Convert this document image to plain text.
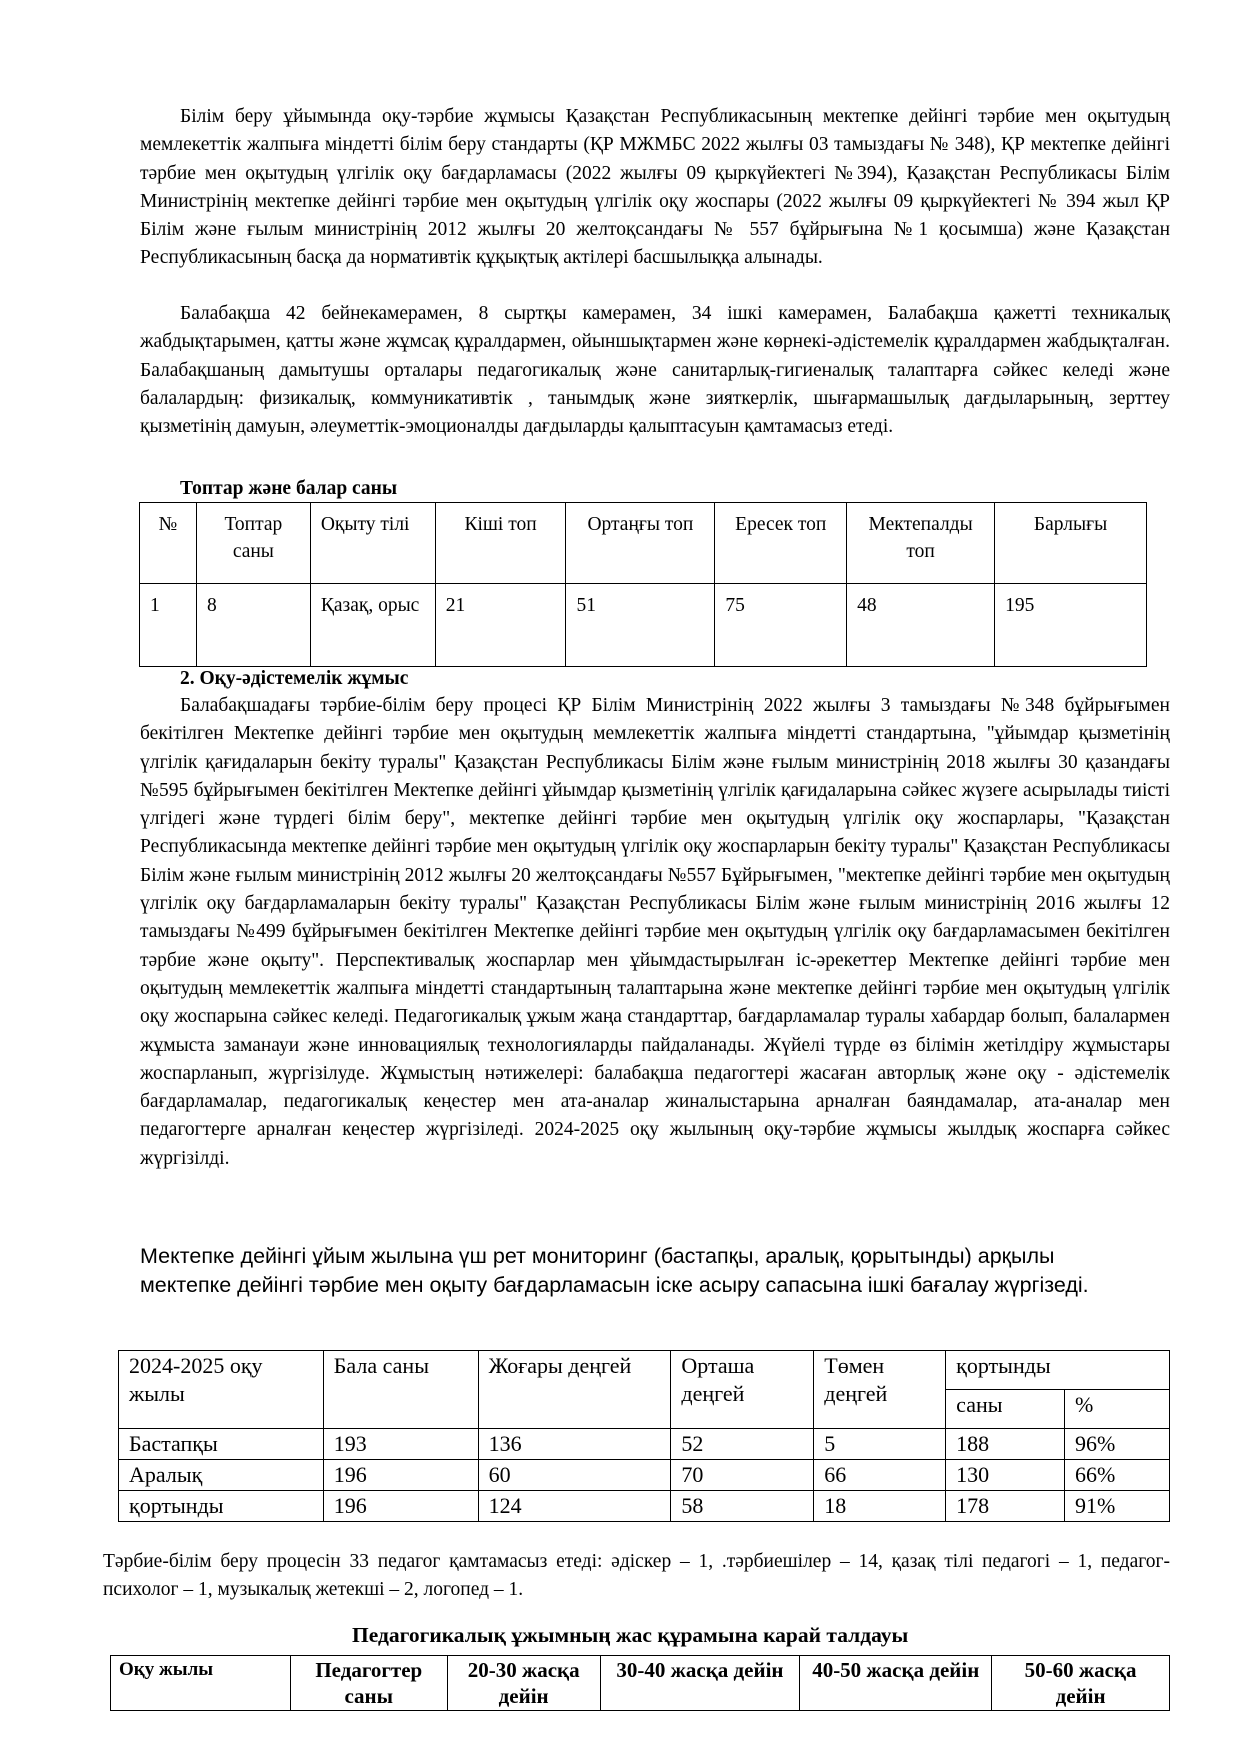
Білім беру ұйымында оқу-тәрбие жұмысы Қазақстан Республикасының мектепке дейінгі тәрбие мен оқытудың мемлекеттік жалпыға міндетті білім беру стандарты (ҚР МЖМБС 2022 жылғы 03 тамыздағы № 348), ҚР мектепке дейінгі тәрбие мен оқытудың үлгілік оқу бағдарламасы (2022 жылғы 09 қыркүйектегі №394), Қазақстан Республикасы Білім Министрінің мектепке дейінгі тәрбие мен оқытудың үлгілік оқу жоспары (2022 жылғы 09 қыркүйектегі № 394 жыл ҚР Білім және ғылым министрінің 2012 жылғы 20 желтоқсандағы № 557 бұйрығына №1 қосымша) және Қазақстан Республикасының басқа да нормативтік құқықтық актілері басшылыққа алынады.

Балабақша 42 бейнекамерамен, 8 сыртқы камерамен, 34 ішкі камерамен, Балабақша қажетті техникалық жабдықтарымен, қатты және жұмсақ құралдармен, ойыншықтармен және көрнекі-әдістемелік құралдармен жабдықталған. Балабақшаның дамытушы орталары педагогикалық және санитарлық-гигиеналық талаптарға сәйкес келеді және балалардың: физикалық, коммуникативтік , танымдық және зияткерлік, шығармашылық дағдыларының, зерттеу қызметінің дамуын, әлеуметтік-эмоционалды дағдыларды қалыптасуын қамтамасыз етеді.

Топтар және балар саны

№	Топтар саны	Оқыту тілі	Кіші топ	Ортаңғы топ	Ересек топ	Мектепалды топ	Барлығы
1	8	Қазақ, орыс	21	51	75	48	195

2. Оқу-әдістемелік жұмыс

Балабақшадағы тәрбие-білім беру процесі ҚР Білім Министрінің 2022 жылғы 3 тамыздағы №348 бұйрығымен бекітілген Мектепке дейінгі тәрбие мен оқытудың мемлекеттік жалпыға міндетті стандартына, "ұйымдар қызметінің үлгілік қағидаларын бекіту туралы" Қазақстан Республикасы Білім және ғылым министрінің 2018 жылғы 30 қазандағы №595 бұйрығымен бекітілген Мектепке дейінгі ұйымдар қызметінің үлгілік қағидаларына сәйкес жүзеге асырылады тиісті үлгідегі және түрдегі білім беру", мектепке дейінгі тәрбие мен оқытудың үлгілік оқу жоспарлары, "Қазақстан Республикасында мектепке дейінгі тәрбие мен оқытудың үлгілік оқу жоспарларын бекіту туралы" Қазақстан Республикасы Білім және ғылым министрінің 2012 жылғы 20 желтоқсандағы №557 Бұйрығымен, "мектепке дейінгі тәрбие мен оқытудың үлгілік оқу бағдарламаларын бекіту туралы" Қазақстан Республикасы Білім және ғылым министрінің 2016 жылғы 12 тамыздағы №499 бұйрығымен бекітілген Мектепке дейінгі тәрбие мен оқытудың үлгілік оқу бағдарламасымен бекітілген тәрбие және оқыту". Перспективалық жоспарлар мен ұйымдастырылған іс-әрекеттер Мектепке дейінгі тәрбие мен оқытудың мемлекеттік жалпыға міндетті стандартының талаптарына және мектепке дейінгі тәрбие мен оқытудың үлгілік оқу жоспарына сәйкес келеді. Педагогикалық ұжым жаңа стандарттар, бағдарламалар туралы хабардар болып, балалармен жұмыста заманауи және инновациялық технологияларды пайдаланады. Жүйелі түрде өз білімін жетілдіру жұмыстары жоспарланып, жүргізілуде. Жұмыстың нәтижелері: балабақша педагогтері жасаған авторлық және оқу - әдістемелік бағдарламалар, педагогикалық кеңестер мен ата-аналар жиналыстарына арналған баяндамалар, ата-аналар мен педагогтерге арналған кеңестер жүргізіледі. 2024-2025 оқу жылының оқу-тәрбие жұмысы жылдық жоспарға сәйкес жүргізілді.

Мектепке дейінгі ұйым жылына үш рет мониторинг (бастапқы, аралық, қорытынды) арқылы мектепке дейінгі тәрбие мен оқыту бағдарламасын іске асыру сапасына ішкі бағалау жүргізеді.

2024-2025 оқу жылы	Бала саны	Жоғары деңгей	Орташа деңгей	Төмен деңгей	қортынды	
					саны	%
Бастапқы	193	136	52	5	188	96%
Аралық	196	60	70	66	130	66%
қортынды	196	124	58	18	178	91%

Тәрбие-білім беру процесін 33 педагог қамтамасыз етеді: әдіскер – 1, .тәрбиешілер – 14, қазақ тілі педагогі – 1, педагог-психолог – 1, музыкалық жетекші – 2, логопед – 1.

Педагогикалық ұжымның жас құрамына карай талдауы

Оқу жылы	Педагогтер саны	20-30 жасқа дейін	30-40 жасқа дейін	40-50 жасқа дейін	50-60 жасқа дейін
